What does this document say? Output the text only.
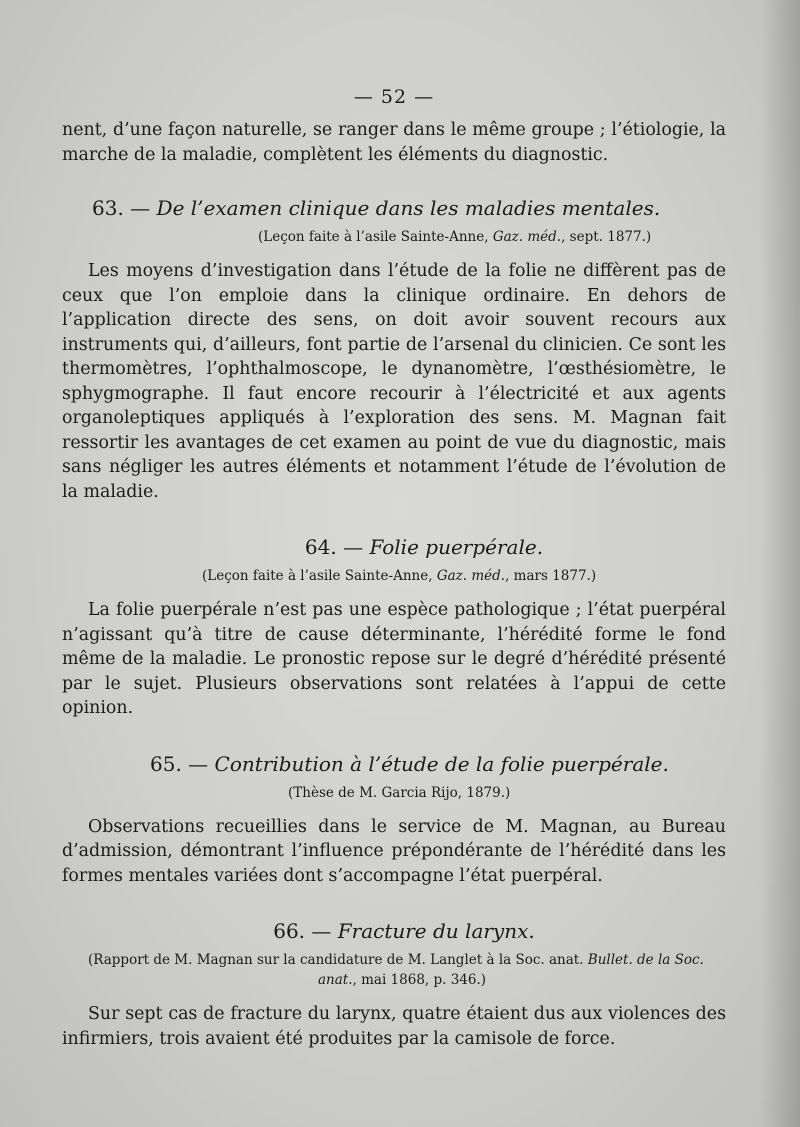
— 52 —

nent, d’une façon naturelle, se ranger dans le même groupe ; l’étiologie, la

marche de la maladie, complètent les éléments du diagnostic.

63. — De l’examen clinique dans les maladies mentales.
(Leçon faite à l’asile Sainte-Anne, Gaz. méd., sept. 1877.)

Les moyens d’investigation dans l’étude de la folie ne diffèrent pas de ceux que l’on emploie dans la clinique ordinaire. En dehors de l’application directe des sens, on doit avoir souvent recours aux instruments qui, d’ailleurs, font partie de l’arsenal du clinicien. Ce sont les thermomètres, l’ophthalmoscope, le dynanomètre, l’œsthésiomètre, le sphygmographe. Il faut encore recourir à l’électricité et aux agents organoleptiques appliqués à l’exploration des sens. M. Magnan fait ressortir les avantages de cet examen au point de vue du diagnostic, mais sans négliger les autres éléments et notamment l’étude de l’évolution de la maladie.

64. — Folie puerpérale.
(Leçon faite à l’asile Sainte-Anne, Gaz. méd., mars 1877.)

La folie puerpérale n’est pas une espèce pathologique ; l’état puerpéral n’agissant qu’à titre de cause déterminante, l’hérédité forme le fond même de la maladie. Le pronostic repose sur le degré d’hérédité présenté par le sujet. Plusieurs observations sont relatées à l’appui de cette opinion.

65. — Contribution à l’étude de la folie puerpérale.
(Thèse de M. Garcia Rijo, 1879.)

Observations recueillies dans le service de M. Magnan, au Bureau d’admission, démontrant l’influence prépondérante de l’hérédité dans les formes mentales variées dont s’accompagne l’état puerpéral.

66. — Fracture du larynx.
(Rapport de M. Magnan sur la candidature de M. Langlet à la Soc. anat. Bullet. de la Soc.
anat., mai 1868, p. 346.)

Sur sept cas de fracture du larynx, quatre étaient dus aux violences des infirmiers, trois avaient été produites par la camisole de force.
